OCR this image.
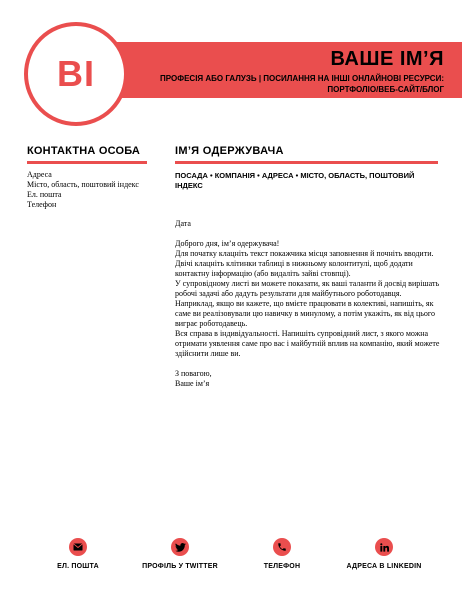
ВІ	ВАШЕ ІМ’Я
ПРОФЕСІЯ АБО ГАЛУЗЬ | ПОСИЛАННЯ НА ІНШІ ОНЛАЙНОВІ РЕСУРСИ: ПОРТФОЛІО/ВЕБ-САЙТ/БЛОГ
КОНТАКТНА ОСОБА
Адреса
Місто, область, поштовий індекс
Ел. пошта
Телефон
ІМ’Я ОДЕРЖУВАЧА
ПОСАДА • КОМПАНІЯ • АДРЕСА • МІСТО, ОБЛАСТЬ, ПОШТОВИЙ ІНДЕКС

Дата

Доброго дня, ім’я одержувача!

Для початку клацніть текст покажчика місця заповнення й почніть вводити. Двічі клацніть клітинки таблиці в нижньому колонтитулі, щоб додати контактну інформацію (або видаліть зайві стовпці).

У супровідному листі ви можете показати, як ваші таланти й досвід вирішать робочі задачі або дадуть результати для майбутнього роботодавця. Наприклад, якщо ви кажете, що вмієте працювати в колективі, напишіть, як саме ви реалізовували цю навичку в минулому, а потім укажіть, як від цього виграє роботодавець.

Вся справа в індивідуальності. Напишіть супровідний лист, з якого можна отримати уявлення саме про вас і майбутній вплив на компанію, який можете здійснити лише ви.

З повагою,

Ваше ім’я

ЕЛ. ПОШТА	ПРОФІЛЬ У TWITTER	ТЕЛЕФОН	АДРЕСА В LINKEDIN
